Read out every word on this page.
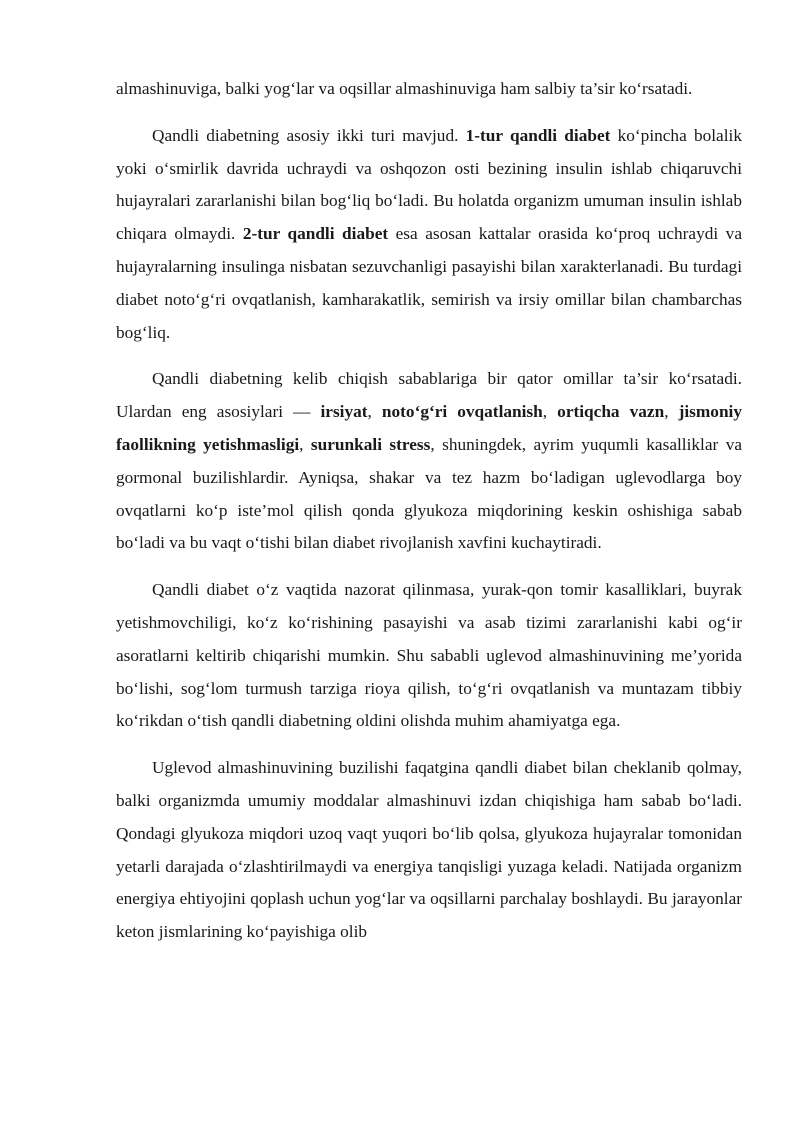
almashinuviga, balki yog‘lar va oqsillar almashinuviga ham salbiy ta’sir ko‘rsatadi.

Qandli diabetning asosiy ikki turi mavjud. 1-tur qandli diabet ko‘pincha bolalik yoki o‘smirlik davrida uchraydi va oshqozon osti bezining insulin ishlab chiqaruvchi hujayralari zararlanishi bilan bog‘liq bo‘ladi. Bu holatda organizm umuman insulin ishlab chiqara olmaydi. 2-tur qandli diabet esa asosan kattalar orasida ko‘proq uchraydi va hujayralarning insulinga nisbatan sezuvchanligi pasayishi bilan xarakterlanadi. Bu turdagi diabet noto‘g‘ri ovqatlanish, kamharakatlik, semirish va irsiy omillar bilan chambarchas bog‘liq.

Qandli diabetning kelib chiqish sabablariga bir qator omillar ta’sir ko‘rsatadi. Ulardan eng asosiylari — irsiyat, noto‘g‘ri ovqatlanish, ortiqcha vazn, jismoniy faollikning yetishmasligi, surunkali stress, shuningdek, ayrim yuqumli kasalliklar va gormonal buzilishlardir. Ayniqsa, shakar va tez hazm bo‘ladigan uglevodlarga boy ovqatlarni ko‘p iste’mol qilish qonda glyukoza miqdorining keskin oshishiga sabab bo‘ladi va bu vaqt o‘tishi bilan diabet rivojlanish xavfini kuchaytiradi.

Qandli diabet o‘z vaqtida nazorat qilinmasa, yurak-qon tomir kasalliklari, buyrak yetishmovchiligi, ko‘z ko‘rishining pasayishi va asab tizimi zararlanishi kabi og‘ir asoratlarni keltirib chiqarishi mumkin. Shu sababli uglevod almashinuvining me’yorida bo‘lishi, sog‘lom turmush tarziga rioya qilish, to‘g‘ri ovqatlanish va muntazam tibbiy ko‘rikdan o‘tish qandli diabetning oldini olishda muhim ahamiyatga ega.

Uglevod almashinuvining buzilishi faqatgina qandli diabet bilan cheklanib qolmay, balki organizmda umumiy moddalar almashinuvi izdan chiqishiga ham sabab bo‘ladi. Qondagi glyukoza miqdori uzoq vaqt yuqori bo‘lib qolsa, glyukoza hujayralar tomonidan yetarli darajada o‘zlashtirilmaydi va energiya tanqisligi yuzaga keladi. Natijada organizm energiya ehtiyojini qoplash uchun yog‘lar va oqsillarni parchalay boshlaydi. Bu jarayonlar keton jismlarining ko‘payishiga olib
